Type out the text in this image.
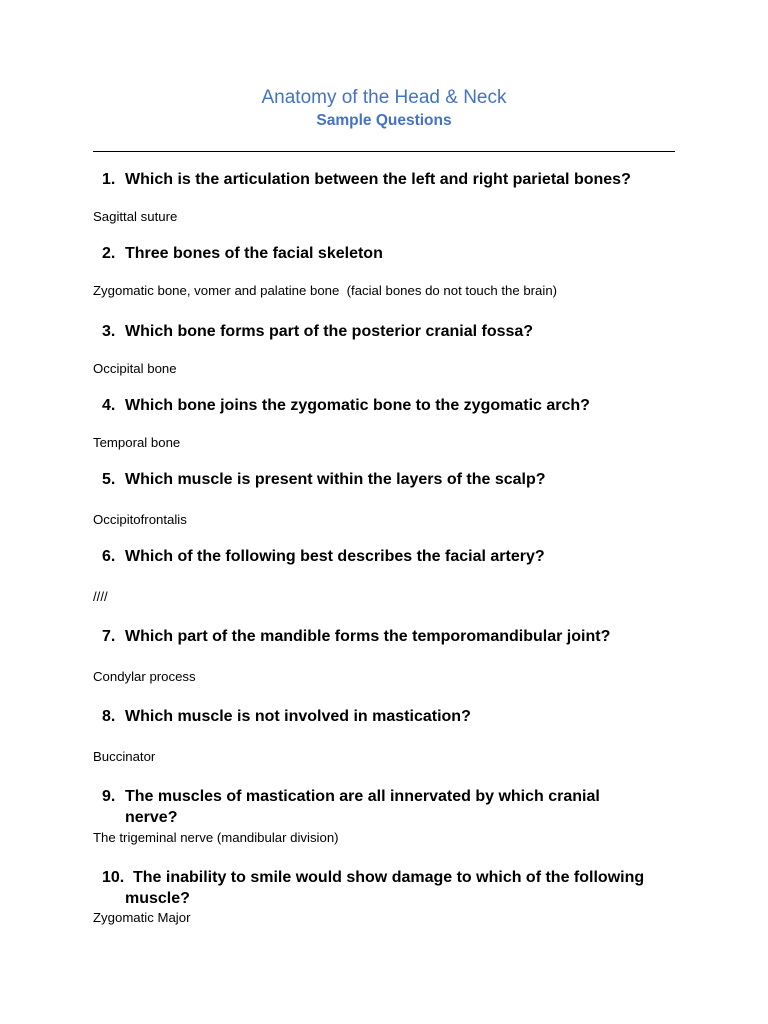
Anatomy of the Head & Neck
Sample Questions
1. Which is the articulation between the left and right parietal bones?
Sagittal suture
2. Three bones of the facial skeleton
Zygomatic bone, vomer and palatine bone  (facial bones do not touch the brain)
3. Which bone forms part of the posterior cranial fossa?
Occipital bone
4. Which bone joins the zygomatic bone to the zygomatic arch?
Temporal bone
5. Which muscle is present within the layers of the scalp?
Occipitofrontalis
6. Which of the following best describes the facial artery?
////
7. Which part of the mandible forms the temporomandibular joint?
Condylar process
8. Which muscle is not involved in mastication?
Buccinator
9. The muscles of mastication are all innervated by which cranial nerve?
The trigeminal nerve (mandibular division)
10. The inability to smile would show damage to which of the following muscle?
Zygomatic Major
